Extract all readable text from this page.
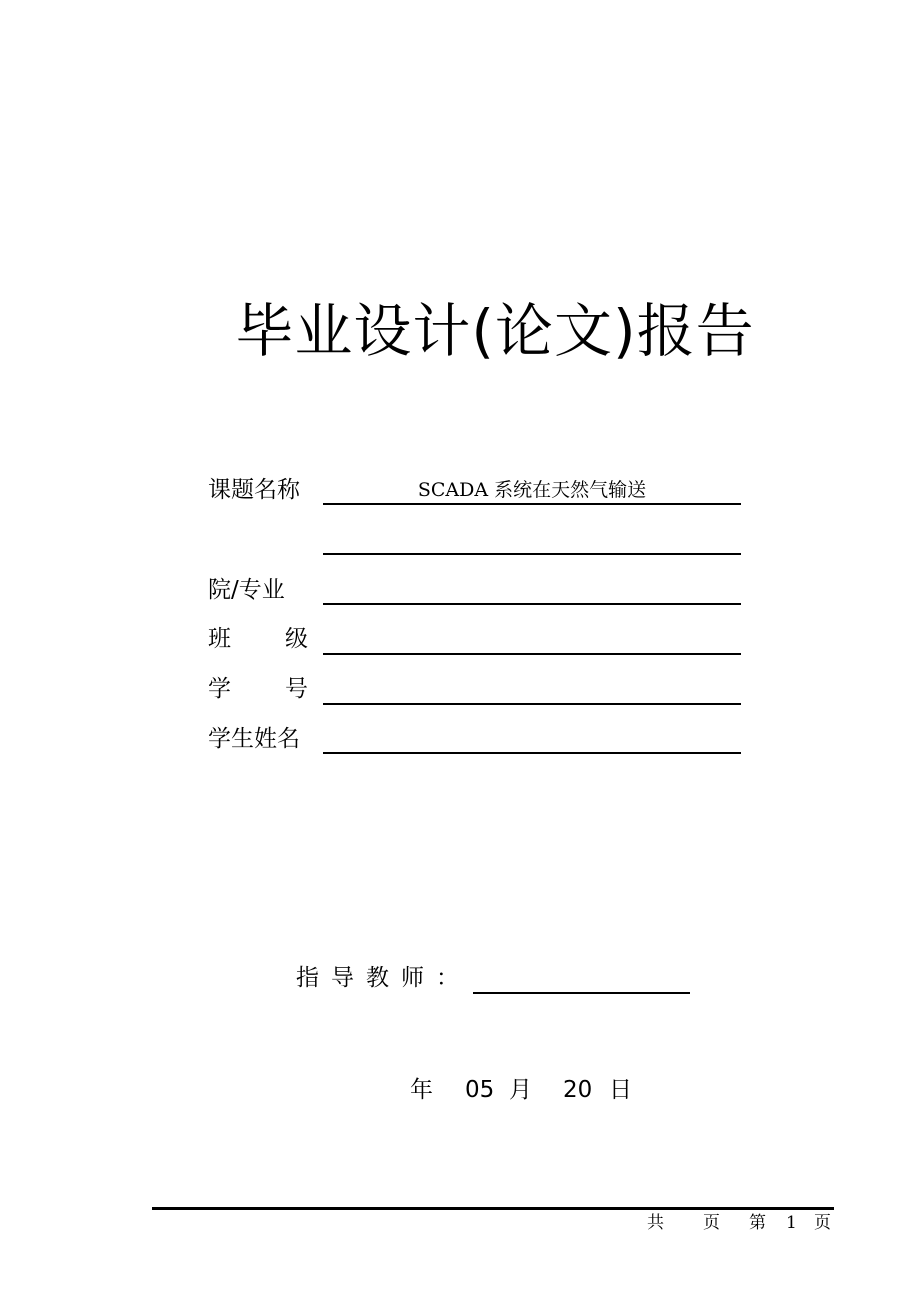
毕业设计(论文)报告
课题名称	SCADA 系统在天然气输送
院/专业
班 级
学 号
学生姓名
指导教师：
年 05 月 20 日
共 页 第 1 页
